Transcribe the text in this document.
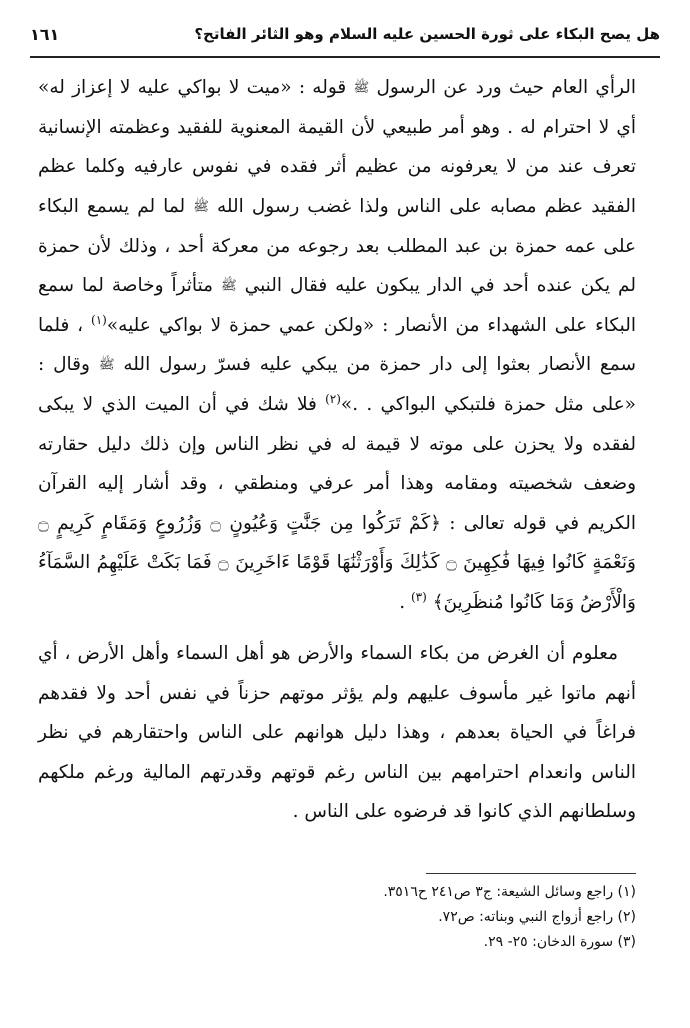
هل يصح البكاء على ثورة الحسين عليه السلام وهو الثائر الفاتح؟
١٦١

الرأي العام حيث ورد عن الرسول ﷺ قوله : «ميت لا بواكي عليه لا إعزاز له» أي لا احترام له . وهو أمر طبيعي لأن القيمة المعنوية للفقيد وعظمته الإنسانية تعرف عند من لا يعرفونه من عظيم أثر فقده في نفوس عارفيه وكلما عظم الفقيد عظم مصابه على الناس ولذا غضب رسول الله ﷺ لما لم يسمع البكاء على عمه حمزة بن عبد المطلب بعد رجوعه من معركة أحد ، وذلك لأن حمزة لم يكن عنده أحد في الدار يبكون عليه فقال النبي ﷺ متأثراً وخاصة لما سمع البكاء على الشهداء من الأنصار : «ولكن عمي حمزة لا بواكي عليه»$^{(١)}$ ، فلما سمع الأنصار بعثوا إلى دار حمزة من يبكي عليه فسرّ رسول الله ﷺ وقال : «على مثل حمزة فلتبكي البواكي . .»$^{(٢)}$ فلا شك في أن الميت الذي لا يبكى لفقده ولا يحزن على موته لا قيمة له في نظر الناس وإن ذلك دليل حقارته وضعف شخصيته ومقامه وهذا أمر عرفي ومنطقي ، وقد أشار إليه القرآن الكريم في قوله تعالى : ﴿كَمْ تَرَكُوا مِن جَنَّٰتٍ وَعُيُونٍ ۝ وَزُرُوعٍ وَمَقَامٍ كَرِيمٍ ۝ وَنَعْمَةٍ كَانُوا فِيهَا فَٰكِهِينَ ۝ كَذَٰلِكَ وَأَوْرَثْنَٰهَا قَوْمًا ءَاخَرِينَ ۝ فَمَا بَكَتْ عَلَيْهِمُ السَّمَآءُ وَالْأَرْضُ وَمَا كَانُوا مُنظَرِينَ﴾ $^{(٣)}$ .

معلوم أن الغرض من بكاء السماء والأرض هو أهل السماء وأهل الأرض ، أي أنهم ماتوا غير مأسوف عليهم ولم يؤثر موتهم حزناً في نفس أحد ولا فقدهم فراغاً في الحياة بعدهم ، وهذا دليل هوانهم على الناس واحتقارهم في نظر الناس وانعدام احترامهم بين الناس رغم قوتهم وقدرتهم المالية ورغم ملكهم وسلطانهم الذي كانوا قد فرضوه على الناس .

(١) راجع وسائل الشيعة: ج٣ ص٢٤١ ح٣٥١٦.
(٢) راجع أزواج النبي وبناته: ص٧٢.
(٣) سورة الدخان: ٢٥- ٢٩.
